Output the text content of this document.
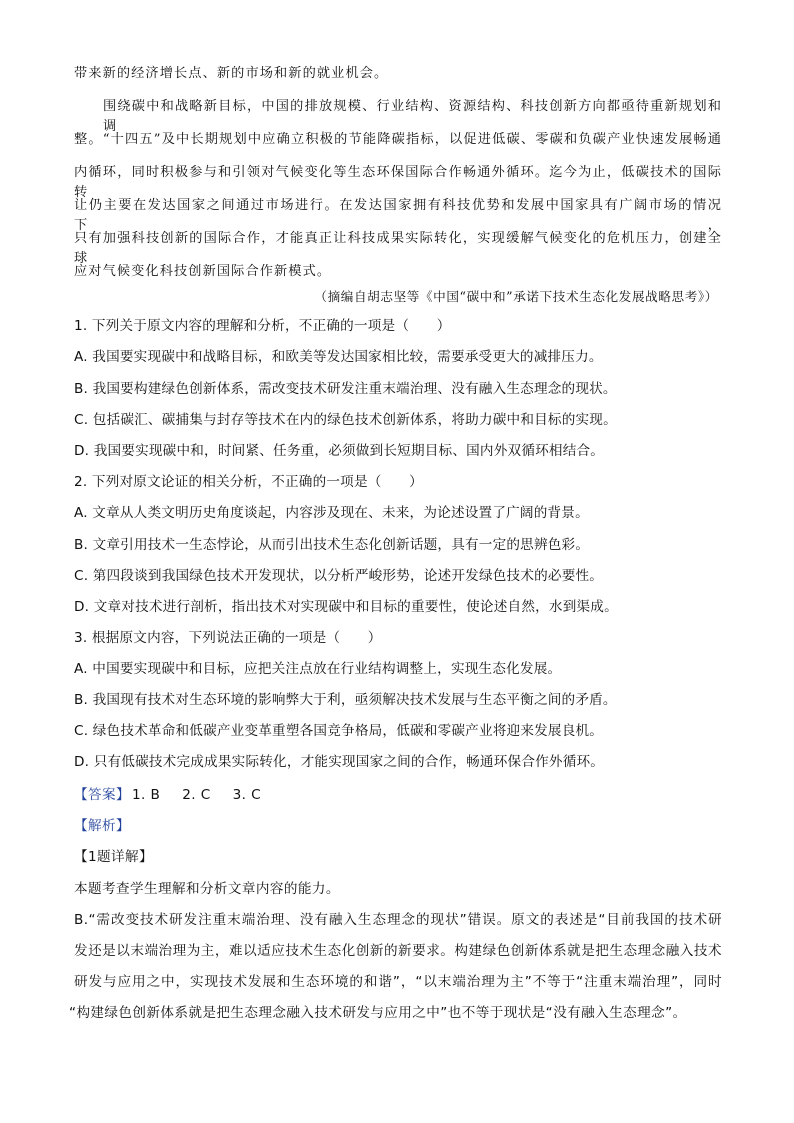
带来新的经济增长点、新的市场和新的就业机会。
围绕碳中和战略新目标，中国的排放规模、行业结构、资源结构、科技创新方向都亟待重新规划和调
整。“十四五”及中长期规划中应确立积极的节能降碳指标，以促进低碳、零碳和负碳产业快速发展畅通
内循环，同时积极参与和引领对气候变化等生态环保国际合作畅通外循环。迄今为止，低碳技术的国际转
让仍主要在发达国家之间通过市场进行。在发达国家拥有科技优势和发展中国家具有广阔市场的情况下，
只有加强科技创新的国际合作，才能真正让科技成果实际转化，实现缓解气候变化的危机压力，创建全球
应对气候变化科技创新国际合作新模式。
（摘编自胡志坚等《中国“碳中和”承诺下技术生态化发展战略思考》）
1. 下列关于原文内容的理解和分析，不正确的一项是（　　）
A. 我国要实现碳中和战略目标，和欧美等发达国家相比较，需要承受更大的减排压力。
B. 我国要构建绿色创新体系，需改变技术研发注重末端治理、没有融入生态理念的现状。
C. 包括碳汇、碳捕集与封存等技术在内的绿色技术创新体系，将助力碳中和目标的实现。
D. 我国要实现碳中和，时间紧、任务重，必须做到长短期目标、国内外双循环相结合。
2. 下列对原文论证的相关分析，不正确的一项是（　　）
A. 文章从人类文明历史角度谈起，内容涉及现在、未来，为论述设置了广阔的背景。
B. 文章引用技术一生态悖论，从而引出技术生态化创新话题，具有一定的思辨色彩。
C. 第四段谈到我国绿色技术开发现状，以分析严峻形势，论述开发绿色技术的必要性。
D. 文章对技术进行剖析，指出技术对实现碳中和目标的重要性，使论述自然，水到渠成。
3. 根据原文内容，下列说法正确的一项是（　　）
A. 中国要实现碳中和目标，应把关注点放在行业结构调整上，实现生态化发展。
B. 我国现有技术对生态环境的影响弊大于利，亟须解决技术发展与生态平衡之间的矛盾。
C. 绿色技术革命和低碳产业变革重塑各国竞争格局，低碳和零碳产业将迎来发展良机。
D. 只有低碳技术完成成果实际转化，才能实现国家之间的合作，畅通环保合作外循环。
【答案】 1. B 2. C 3. C
【解析】
【1题详解】
本题考查学生理解和分析文章内容的能力。
B.“需改变技术研发注重末端治理、没有融入生态理念的现状”错误。原文的表述是“目前我国的技术研
发还是以末端治理为主，难以适应技术生态化创新的新要求。构建绿色创新体系就是把生态理念融入技术
研发与应用之中，实现技术发展和生态环境的和谐”，“以末端治理为主”不等于“注重末端治理”，同时
“构建绿色创新体系就是把生态理念融入技术研发与应用之中”也不等于现状是“没有融入生态理念”。
